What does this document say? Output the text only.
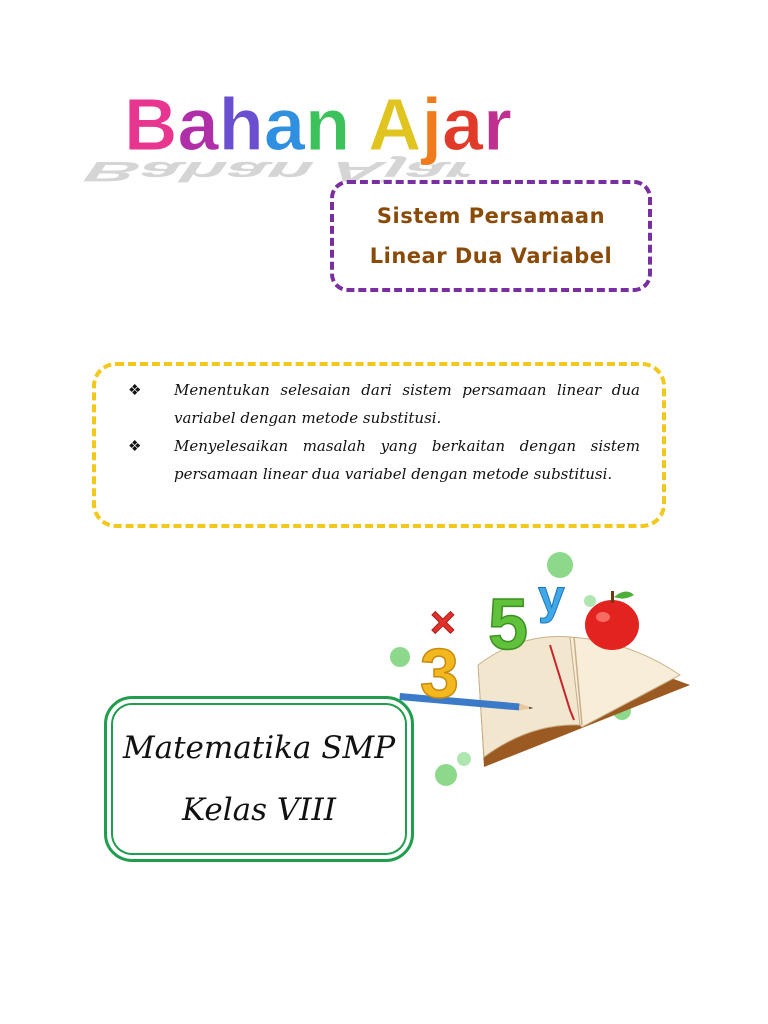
Bahan Ajar
Bahan Ajar
Sistem Persamaan
Linear Dua Variabel
❖ Menentukan selesaian dari sistem persamaan linear dua variabel dengan metode substitusi.
❖ Menyelesaikan masalah yang berkaitan dengan sistem persamaan linear dua variabel dengan metode substitusi.
3
× 5 y
Matematika SMP
Kelas VIII
